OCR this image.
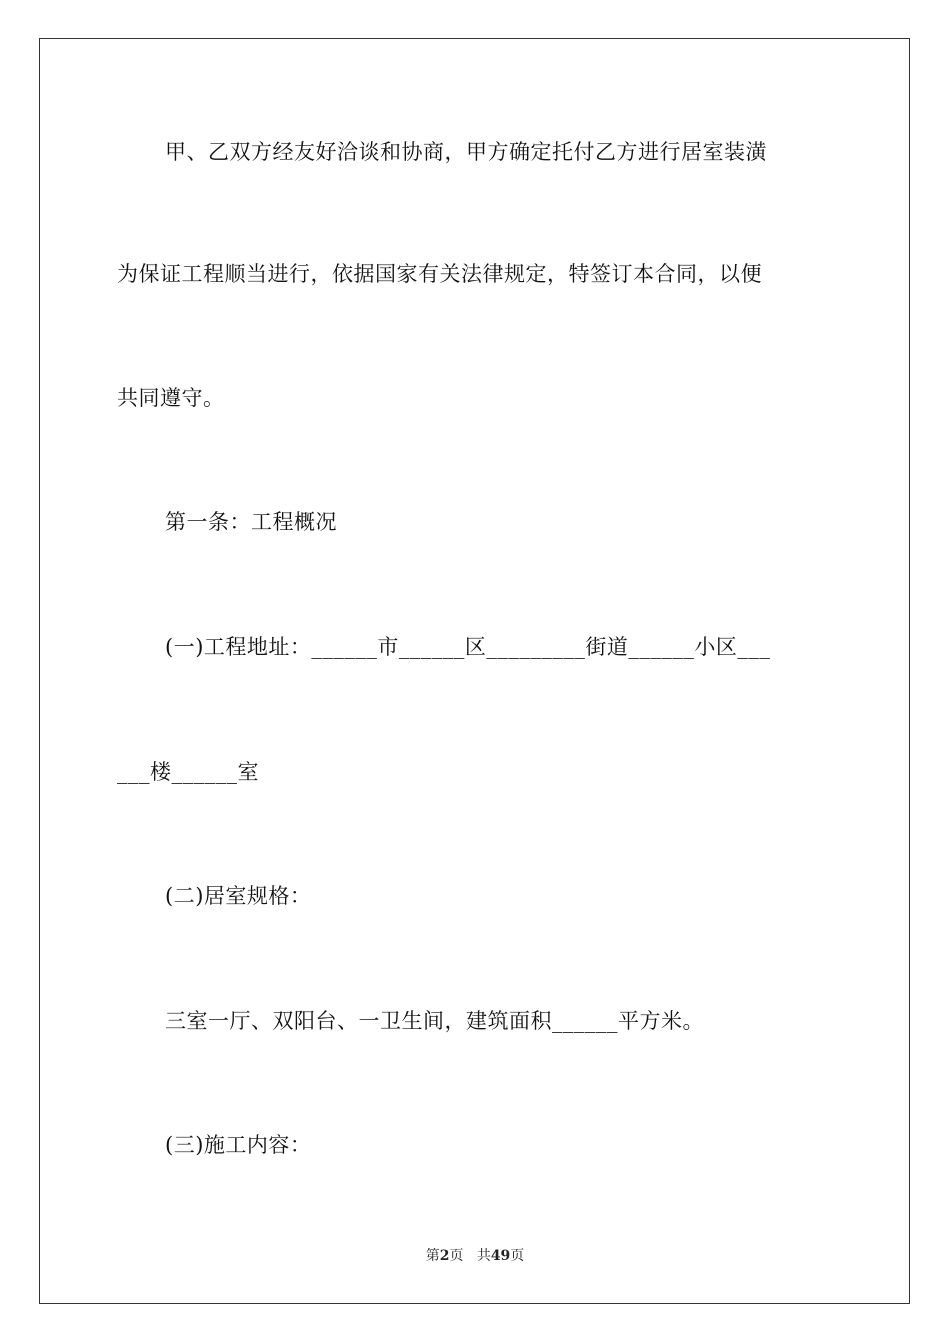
甲、乙双方经友好洽谈和协商，甲方确定托付乙方进行居室装潢
为保证工程顺当进行，依据国家有关法律规定，特签订本合同，以便
共同遵守。
第一条：工程概况
(一)工程地址：______市______区_________街道______小区___
___楼______室
(二)居室规格：
三室一厅、双阳台、一卫生间，建筑面积______平方米。
(三)施工内容：
第2页 共49页
